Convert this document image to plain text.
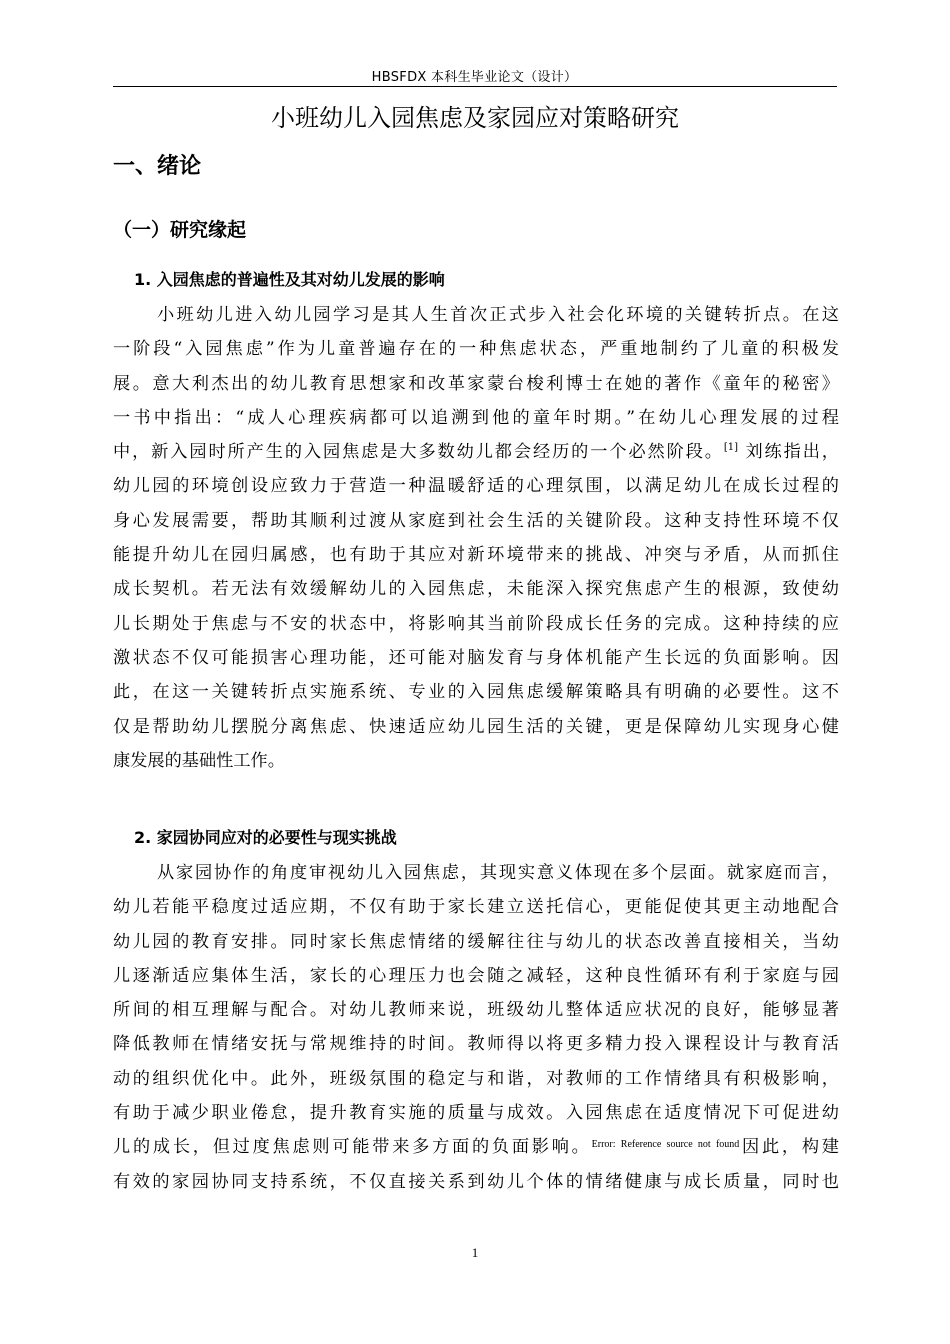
HBSFDX 本科生毕业论文（设计）
小班幼儿入园焦虑及家园应对策略研究
一、绪论
（一）研究缘起
1. 入园焦虑的普遍性及其对幼儿发展的影响
小班幼儿进入幼儿园学习是其人生首次正式步入社会化环境的关键转折点。在这
一阶段“入园焦虑”作为儿童普遍存在的一种焦虑状态，严重地制约了儿童的积极发
展。意大利杰出的幼儿教育思想家和改革家蒙台梭利博士在她的著作《童年的秘密》
一书中指出：“成人心理疾病都可以追溯到他的童年时期。”在幼儿心理发展的过程
中，新入园时所产生的入园焦虑是大多数幼儿都会经历的一个必然阶段。[1] 刘练指出，
幼儿园的环境创设应致力于营造一种温暖舒适的心理氛围，以满足幼儿在成长过程的
身心发展需要，帮助其顺利过渡从家庭到社会生活的关键阶段。这种支持性环境不仅
能提升幼儿在园归属感，也有助于其应对新环境带来的挑战、冲突与矛盾，从而抓住
成长契机。若无法有效缓解幼儿的入园焦虑，未能深入探究焦虑产生的根源，致使幼
儿长期处于焦虑与不安的状态中，将影响其当前阶段成长任务的完成。这种持续的应
激状态不仅可能损害心理功能，还可能对脑发育与身体机能产生长远的负面影响。因
此，在这一关键转折点实施系统、专业的入园焦虑缓解策略具有明确的必要性。这不
仅是帮助幼儿摆脱分离焦虑、快速适应幼儿园生活的关键，更是保障幼儿实现身心健
康发展的基础性工作。
2. 家园协同应对的必要性与现实挑战
从家园协作的角度审视幼儿入园焦虑，其现实意义体现在多个层面。就家庭而言，
幼儿若能平稳度过适应期，不仅有助于家长建立送托信心，更能促使其更主动地配合
幼儿园的教育安排。同时家长焦虑情绪的缓解往往与幼儿的状态改善直接相关，当幼
儿逐渐适应集体生活，家长的心理压力也会随之减轻，这种良性循环有利于家庭与园
所间的相互理解与配合。对幼儿教师来说，班级幼儿整体适应状况的良好，能够显著
降低教师在情绪安抚与常规维持的时间。教师得以将更多精力投入课程设计与教育活
动的组织优化中。此外，班级氛围的稳定与和谐，对教师的工作情绪具有积极影响，
有助于减少职业倦怠，提升教育实施的质量与成效。入园焦虑在适度情况下可促进幼
儿的成长，但过度焦虑则可能带来多方面的负面影响。$^{Error: Reference source not found}$因此，构建
有效的家园协同支持系统，不仅直接关系到幼儿个体的情绪健康与成长质量，同时也
1
